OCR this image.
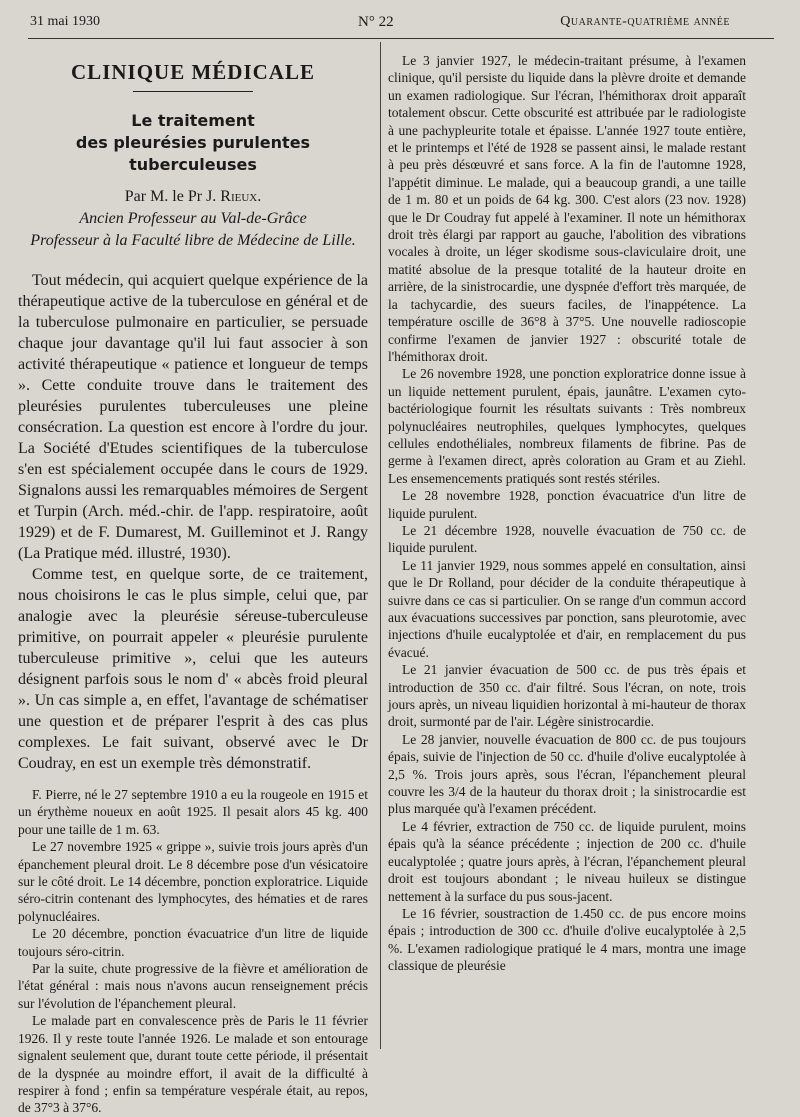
31 mai 1930	N° 22	Quarante-quatrième année
CLINIQUE MÉDICALE

Le traitement

des pleurésies purulentes tuberculeuses

Par M. le Pr J. Rieux.

Ancien Professeur au Val-de-Grâce

Professeur à la Faculté libre de Médecine de Lille.

Tout médecin, qui acquiert quelque expérience de la thérapeutique active de la tuberculose en général et de la tuberculose pulmonaire en particulier, se persuade chaque jour davantage qu'il lui faut associer à son activité thérapeutique « patience et longueur de temps ». Cette conduite trouve dans le traitement des pleurésies purulentes tuberculeuses une pleine consécration. La question est encore à l'ordre du jour. La Société d'Etudes scientifiques de la tuberculose s'en est spécialement occupée dans le cours de 1929. Signalons aussi les remarquables mémoires de Sergent et Turpin (Arch. méd.-chir. de l'app. respiratoire, août 1929) et de F. Dumarest, M. Guilleminot et J. Rangy (La Pratique méd. illustré, 1930).

Comme test, en quelque sorte, de ce traitement, nous choisirons le cas le plus simple, celui que, par analogie avec la pleurésie séreuse-tuberculeuse primitive, on pourrait appeler « pleurésie purulente tuberculeuse primitive », celui que les auteurs désignent parfois sous le nom d' « abcès froid pleural ». Un cas simple a, en effet, l'avantage de schématiser une question et de préparer l'esprit à des cas plus complexes. Le fait suivant, observé avec le Dr Coudray, en est un exemple très démonstratif.

F. Pierre, né le 27 septembre 1910 a eu la rougeole en 1915 et un érythème noueux en août 1925. Il pesait alors 45 kg. 400 pour une taille de 1 m. 63.

Le 27 novembre 1925 « grippe », suivie trois jours après d'un épanchement pleural droit. Le 8 décembre pose d'un vésicatoire sur le côté droit. Le 14 décembre, ponction exploratrice. Liquide séro-citrin contenant des lymphocytes, des hématies et de rares polynucléaires.

Le 20 décembre, ponction évacuatrice d'un litre de liquide toujours séro-citrin.

Par la suite, chute progressive de la fièvre et amélioration de l'état général : mais nous n'avons aucun renseignement précis sur l'évolution de l'épanchement pleural.

Le malade part en convalescence près de Paris le 11 février 1926. Il y reste toute l'année 1926. Le malade et son entourage signalent seulement que, durant toute cette période, il présentait de la dyspnée au moindre effort, il avait de la difficulté à respirer à fond ; enfin sa température vespérale était, au repos, de 37°3 à 37°6.

Le 3 janvier 1927, le médecin-traitant présume, à l'examen clinique, qu'il persiste du liquide dans la plèvre droite et demande un examen radiologique. Sur l'écran, l'hémithorax droit apparaît totalement obscur. Cette obscurité est attribuée par le radiologiste à une pachypleurite totale et épaisse. L'année 1927 toute entière, et le printemps et l'été de 1928 se passent ainsi, le malade restant à peu près désœuvré et sans force. A la fin de l'automne 1928, l'appétit diminue. Le malade, qui a beaucoup grandi, a une taille de 1 m. 80 et un poids de 64 kg. 300. C'est alors (23 nov. 1928) que le Dr Coudray fut appelé à l'examiner. Il note un hémithorax droit très élargi par rapport au gauche, l'abolition des vibrations vocales à droite, un léger skodisme sous-claviculaire droit, une matité absolue de la presque totalité de la hauteur droite en arrière, de la sinistrocardie, une dyspnée d'effort très marquée, de la tachycardie, des sueurs faciles, de l'inappétence. La température oscille de 36°8 à 37°5. Une nouvelle radioscopie confirme l'examen de janvier 1927 : obscurité totale de l'hémithorax droit.

Le 26 novembre 1928, une ponction exploratrice donne issue à un liquide nettement purulent, épais, jaunâtre. L'examen cyto-bactériologique fournit les résultats suivants : Très nombreux polynucléaires neutrophiles, quelques lymphocytes, quelques cellules endothéliales, nombreux filaments de fibrine. Pas de germe à l'examen direct, après coloration au Gram et au Ziehl. Les ensemencements pratiqués sont restés stériles.

Le 28 novembre 1928, ponction évacuatrice d'un litre de liquide purulent.

Le 21 décembre 1928, nouvelle évacuation de 750 cc. de liquide purulent.

Le 11 janvier 1929, nous sommes appelé en consultation, ainsi que le Dr Rolland, pour décider de la conduite thérapeutique à suivre dans ce cas si particulier. On se range d'un commun accord aux évacuations successives par ponction, sans pleurotomie, avec injections d'huile eucalyptolée et d'air, en remplacement du pus évacué.

Le 21 janvier évacuation de 500 cc. de pus très épais et introduction de 350 cc. d'air filtré. Sous l'écran, on note, trois jours après, un niveau liquidien horizontal à mi-hauteur de thorax droit, surmonté par de l'air. Légère sinistrocardie.

Le 28 janvier, nouvelle évacuation de 800 cc. de pus toujours épais, suivie de l'injection de 50 cc. d'huile d'olive eucalyptolée à 2,5 %. Trois jours après, sous l'écran, l'épanchement pleural couvre les 3/4 de la hauteur du thorax droit ; la sinistrocardie est plus marquée qu'à l'examen précédent.

Le 4 février, extraction de 750 cc. de liquide purulent, moins épais qu'à la séance précédente ; injection de 200 cc. d'huile eucalyptolée ; quatre jours après, à l'écran, l'épanchement pleural droit est toujours abondant ; le niveau huileux se distingue nettement à la surface du pus sous-jacent.

Le 16 février, soustraction de 1.450 cc. de pus encore moins épais ; introduction de 300 cc. d'huile d'olive eucalyptolée à 2,5 %. L'examen radiologique pratiqué le 4 mars, montra une image classique de pleurésie
